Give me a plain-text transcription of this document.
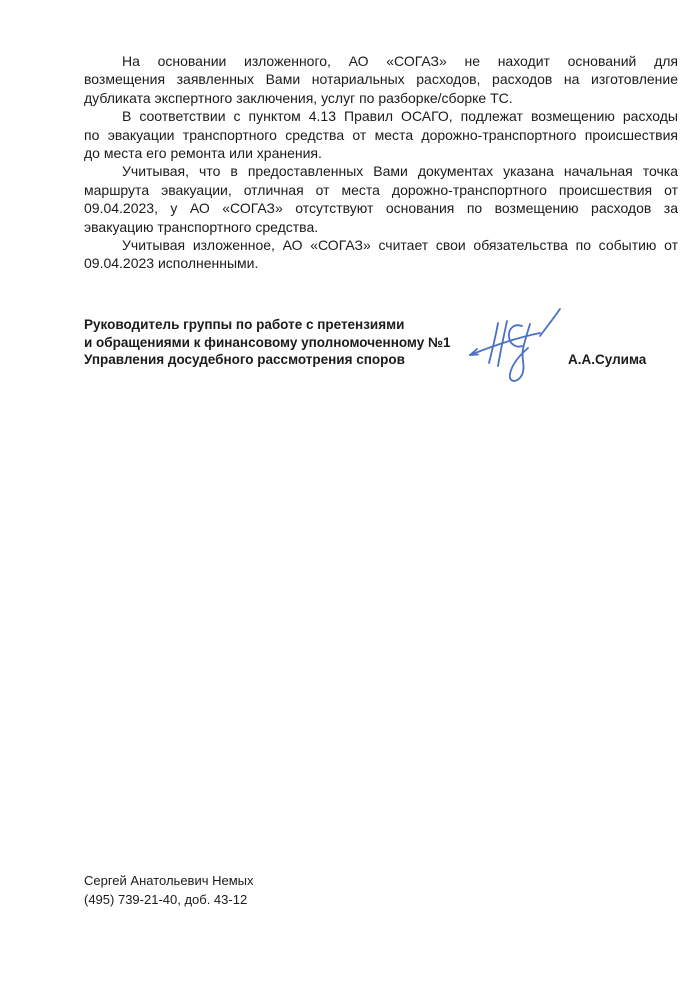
На основании изложенного, АО «СОГАЗ» не находит оснований для
возмещения заявленных Вами нотариальных расходов, расходов на изготовление
дубликата экспертного заключения, услуг по разборке/сборке ТС.
В соответствии с пунктом 4.13 Правил ОСАГО, подлежат возмещению расходы
по эвакуации транспортного средства от места дорожно-транспортного происшествия
до места его ремонта или хранения.
Учитывая, что в предоставленных Вами документах указана начальная точка
маршрута эвакуации, отличная от места дорожно-транспортного происшествия от
09.04.2023, у АО «СОГАЗ» отсутствуют основания по возмещению расходов за
эвакуацию транспортного средства.
Учитывая изложенное, АО «СОГАЗ» считает свои обязательства по событию от
09.04.2023 исполненными.
Руководитель группы по работе с претензиями
и обращениями к финансовому уполномоченному №1
Управления досудебного рассмотрения споров	А.А.Сулима
Сергей Анатольевич Немых
(495) 739-21-40, доб. 43-12
